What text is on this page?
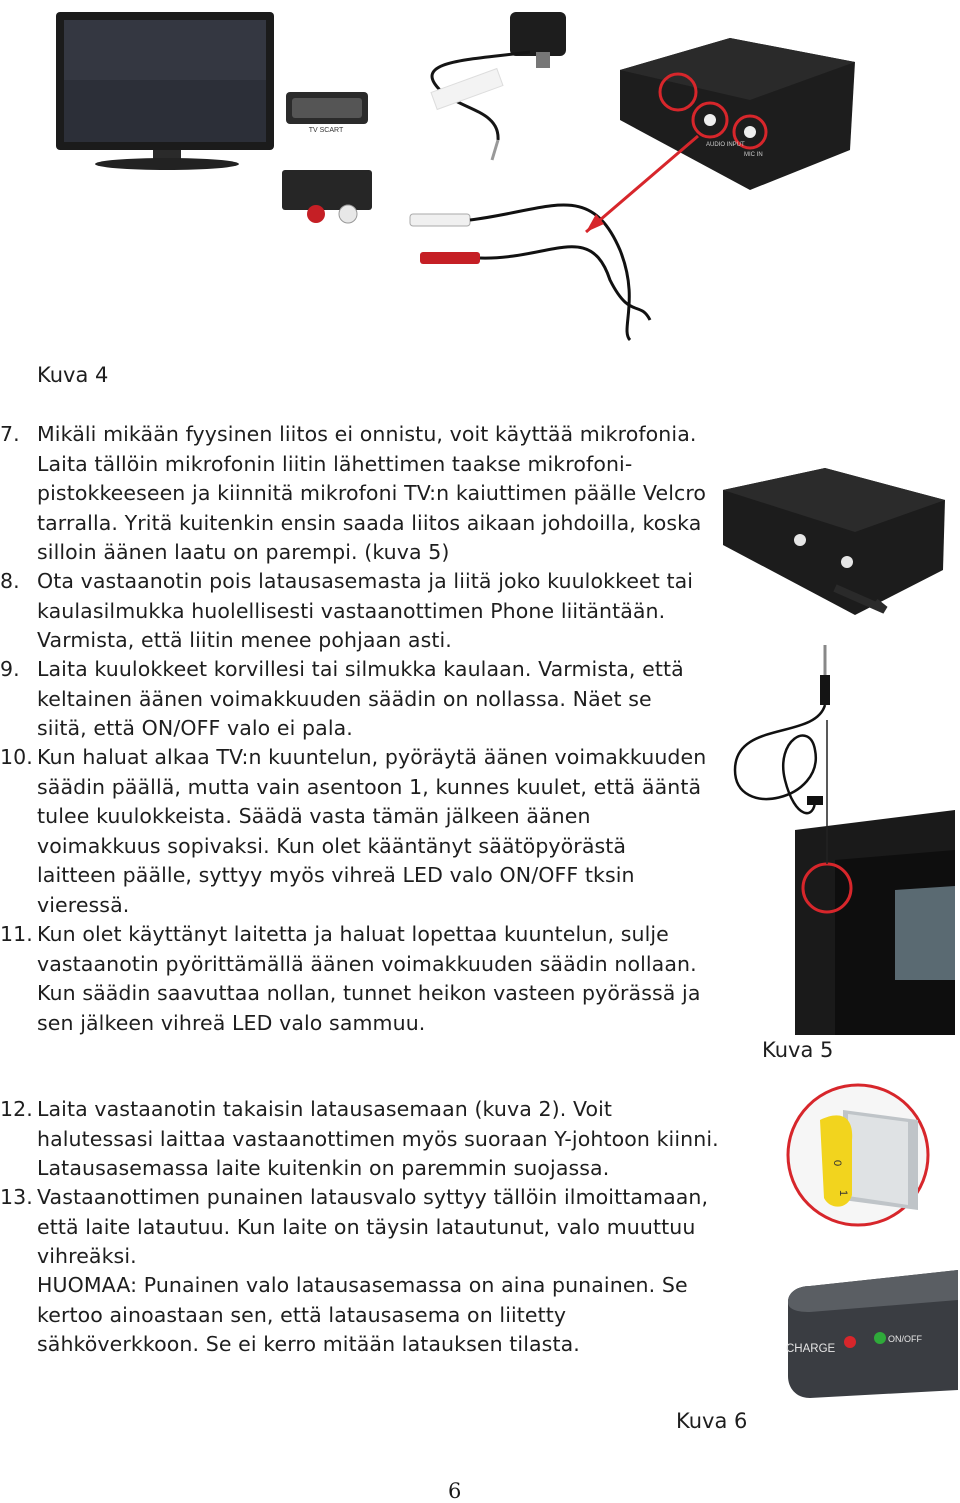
TV SCART
AUDIO INPUT
MIC IN
Kuva 4
7. Mikäli mikään fyysinen liitos ei onnistu, voit käyttää mikrofonia. Laita tällöin mikrofonin liitin lähettimen taakse mikrofoni-pistokkeeseen ja kiinnitä mikrofoni TV:n kaiuttimen päälle Velcro tarralla. Yritä kuitenkin ensin saada liitos aikaan johdoilla, koska silloin äänen laatu on parempi. (kuva 5)
8. Ota vastaanotin pois latausasemasta ja liitä joko kuulokkeet tai kaulasilmukka huolellisesti vastaanottimen Phone liitäntään. Varmista, että liitin menee pohjaan asti.
9. Laita kuulokkeet korvillesi tai silmukka kaulaan. Varmista, että keltainen äänen voimakkuuden säädin on nollassa. Näet se siitä, että ON/OFF valo ei pala.
10. Kun haluat alkaa TV:n kuuntelun, pyöräytä äänen voimakkuuden säädin päällä, mutta vain asentoon 1, kunnes kuulet, että ääntä tulee kuulokkeista. Säädä vasta tämän jälkeen äänen voimakkuus sopivaksi. Kun olet kääntänyt säätöpyörästä laitteen päälle, syttyy myös vihreä LED valo ON/OFF tksin vieressä.
11. Kun olet käyttänyt laitetta ja haluat lopettaa kuuntelun, sulje vastaanotin pyörittämällä äänen voimakkuuden säädin nollaan. Kun säädin saavuttaa nollan, tunnet heikon vasteen pyörässä ja sen jälkeen vihreä LED valo sammuu.
Kuva 5
12. Laita vastaanotin takaisin latausasemaan (kuva 2). Voit halutessasi laittaa vastaanottimen myös suoraan Y-johtoon kiinni. Latausasemassa laite kuitenkin on paremmin suojassa.
13. Vastaanottimen punainen latausvalo syttyy tällöin ilmoittamaan, että laite latautuu. Kun laite on täysin latautunut, valo muuttuu vihreäksi.
HUOMAA: Punainen valo latausasemassa on aina punainen. Se kertoo ainoastaan sen, että latausasema on liitetty sähköverkkoon. Se ei kerro mitään latauksen tilasta.
0
1
CHARGE
ON/OFF
Kuva 6
6
